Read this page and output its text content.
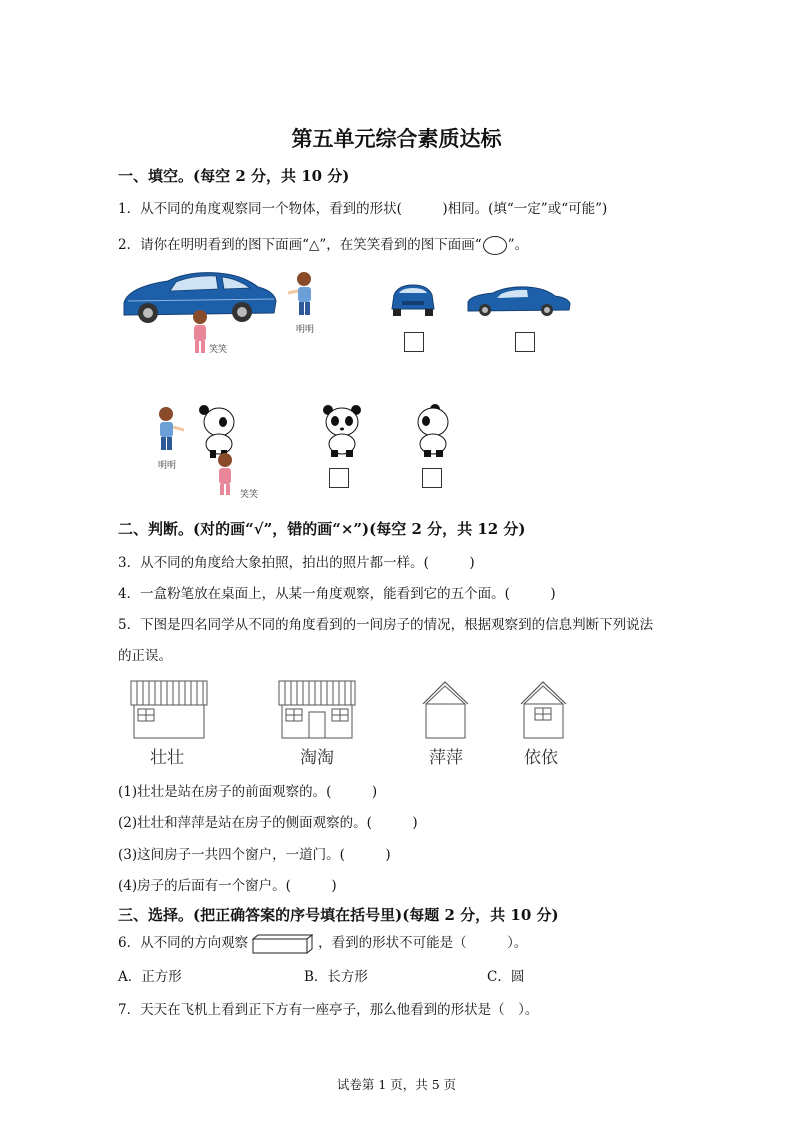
第五单元综合素质达标
一、填空。(每空 2 分，共 10 分)
1．从不同的角度观察同一个物体，看到的形状(　　　)相同。(填“一定”或“可能”)
2．请你在明明看到的图下面画“△”，在笑笑看到的图下面画“ ”。
明明
笑笑
明明
笑笑
二、判断。(对的画“√”，错的画“×”)(每空 2 分，共 12 分)
3．从不同的角度给大象拍照，拍出的照片都一样。(　　　)
4．一盒粉笔放在桌面上，从某一角度观察，能看到它的五个面。(　　　)
5．下图是四名同学从不同的角度看到的一间房子的情况，根据观察到的信息判断下列说法
的正误。
壮壮	淘淘	萍萍	依依
(1)壮壮是站在房子的前面观察的。(　　　)
(2)壮壮和萍萍是站在房子的侧面观察的。(　　　)
(3)这间房子一共四个窗户，一道门。(　　　)
(4)房子的后面有一个窗户。(　　　)
三、选择。(把正确答案的序号填在括号里)(每题 2 分，共 10 分)
6．从不同的方向观察	，看到的形状不可能是（　　　）。
A．正方形	B．长方形	C．圆
7．天天在飞机上看到正下方有一座亭子，那么他看到的形状是（　）。
试卷第 1 页，共 5 页
